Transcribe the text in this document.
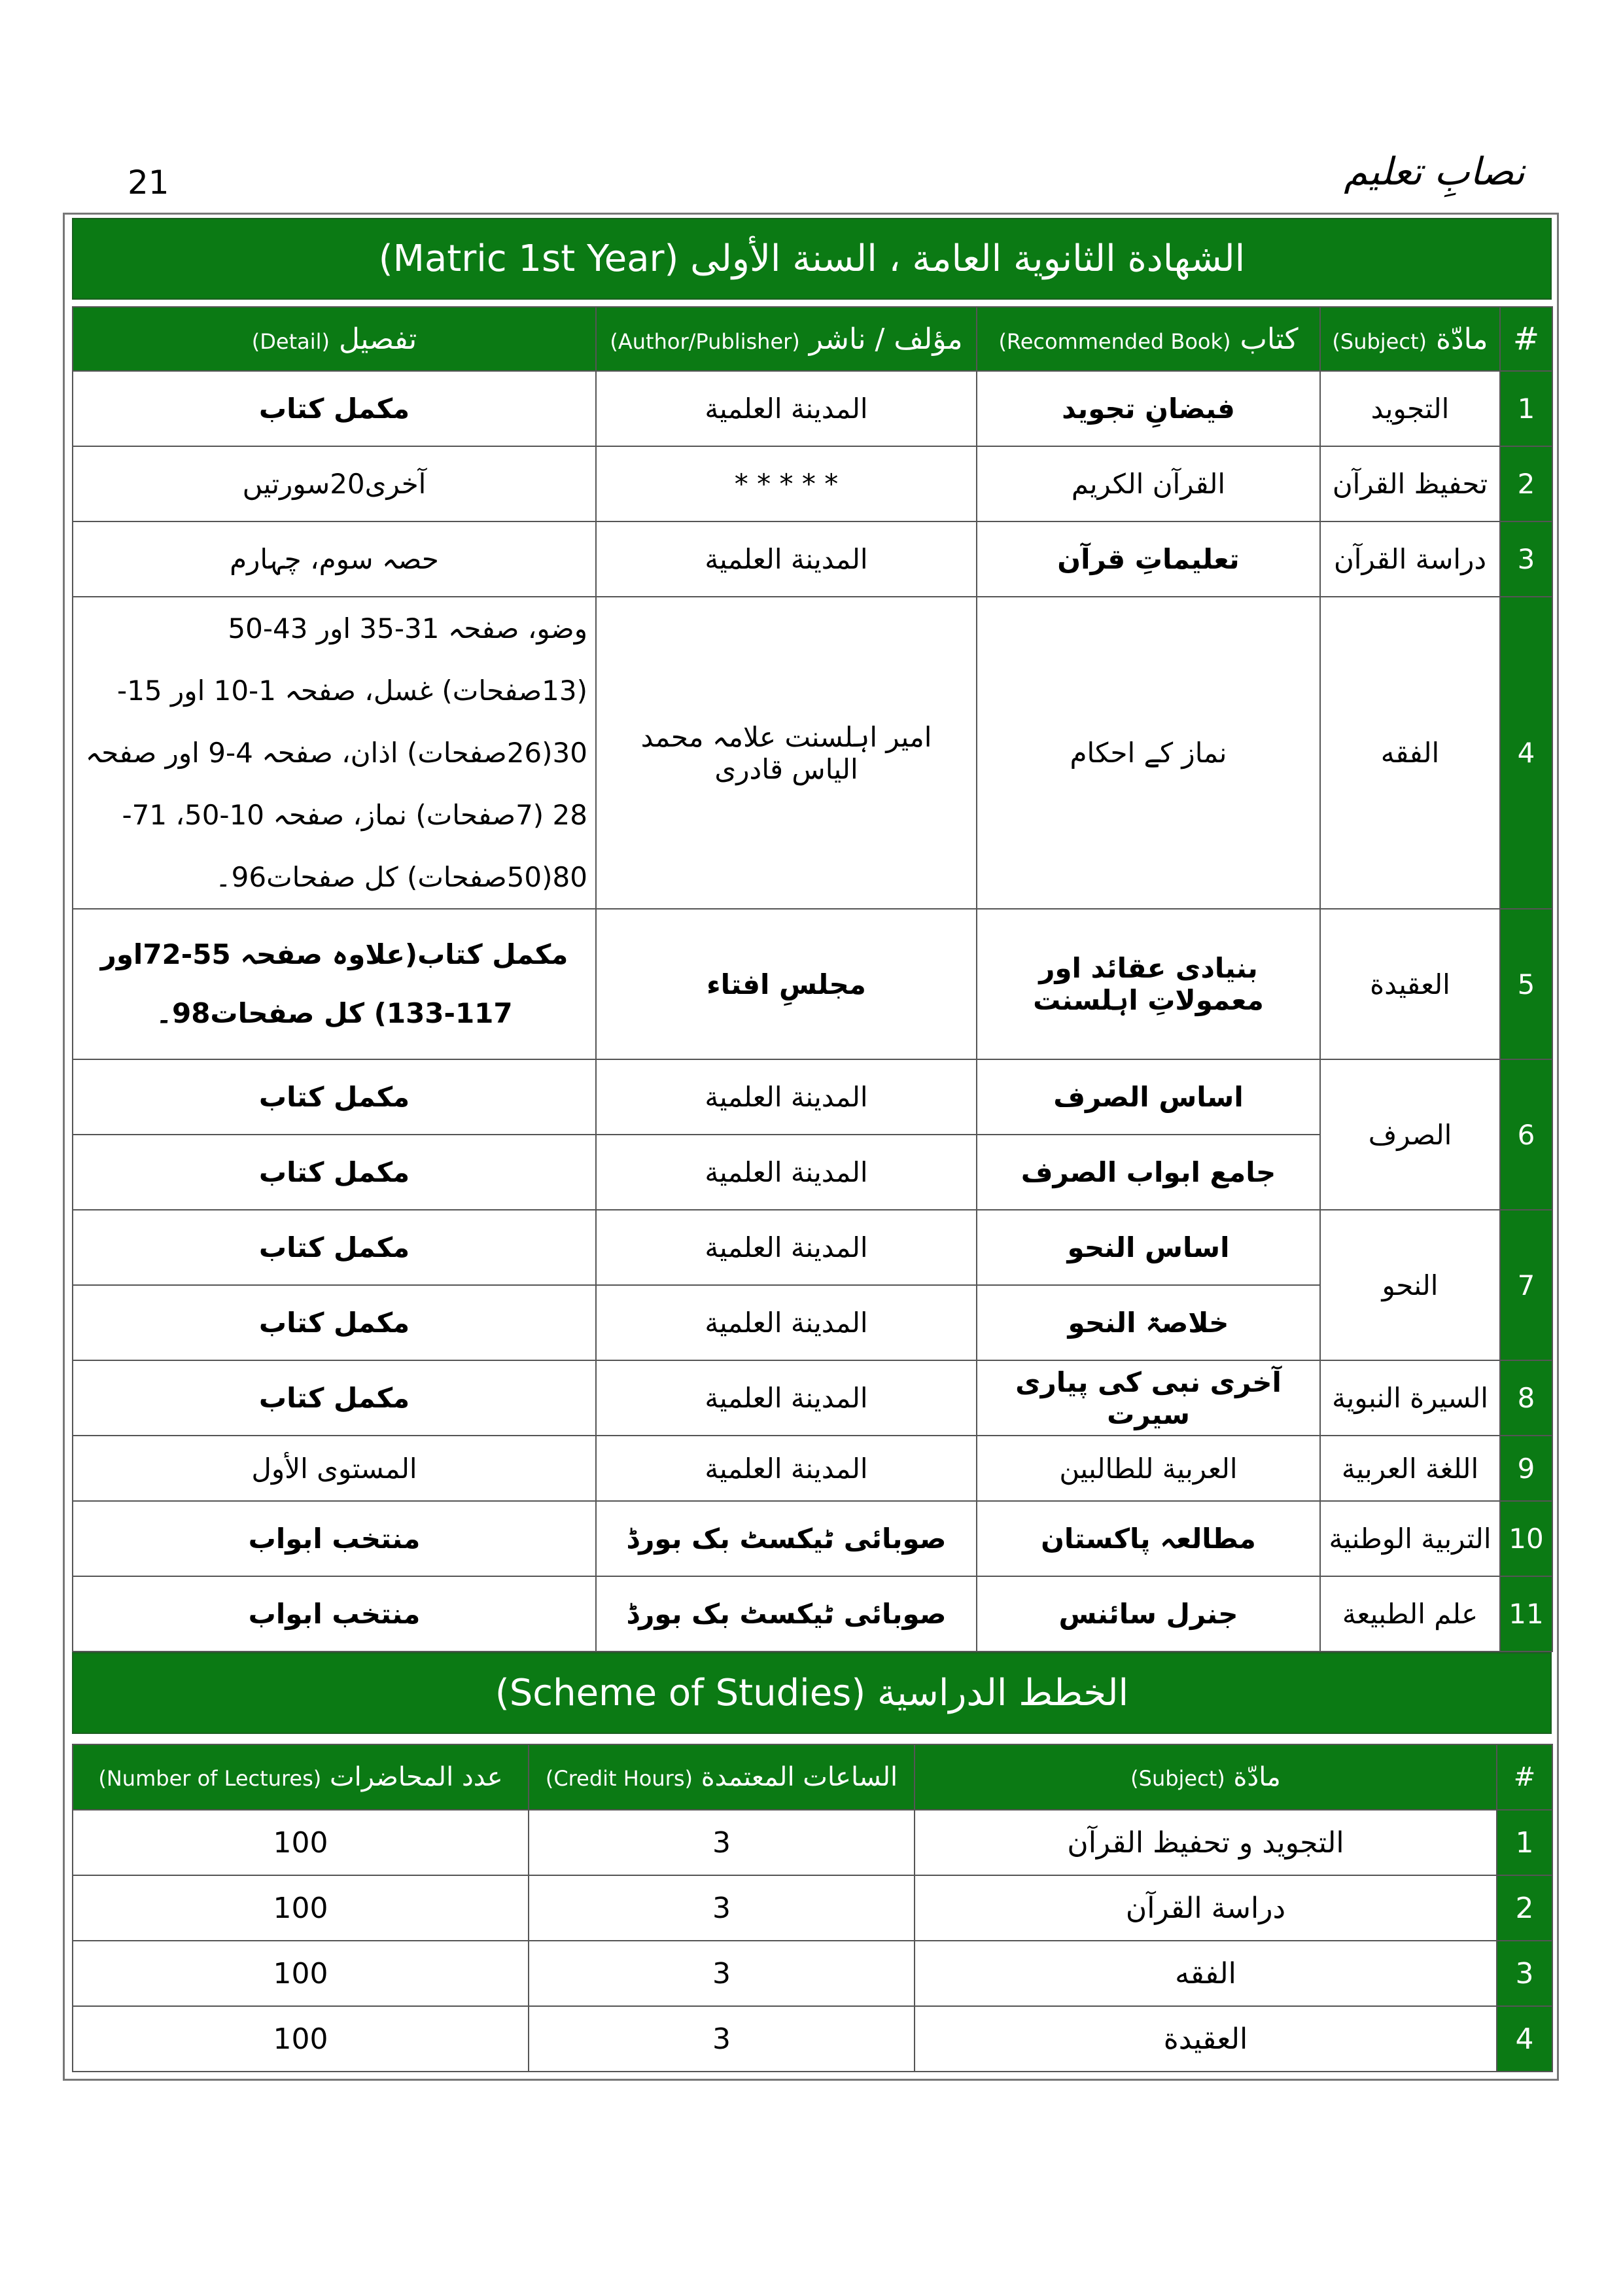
21	نصابِ تعلیم
الشهادة الثانوية العامة ، السنة الأولى (Matric 1st Year)
#	مادّة (Subject)	كتاب (Recommended Book)	مؤلف / ناشر (Author/Publisher)	تفصيل (Detail)
1	التجويد	فيضانِ تجوید	المدينة العلمية	مکمل کتاب
2	تحفيظ القرآن	القرآن الكريم	* * * * *	آخری20سورتیں
3	دراسة القرآن	تعلیماتِ قرآن	المدينة العلمية	حصہ سوم، چہارم
4	الفقه	نماز کے احکام	امیر اہلسنت علامہ محمد الیاس قادری	وضو، صفحہ 31-35 اور 43-50 (13صفحات) غسل، صفحہ 1-10 اور 15-30(26صفحات) اذان، صفحہ 4-9 اور صفحہ 28 (7صفحات) نماز، صفحہ 10-50، 71-80(50صفحات) کل صفحات96۔
5	العقيدة	بنیادی عقائد اور معمولاتِ اہلسنت	مجلسِ افتاء	مکمل کتاب(علاوہ صفحہ 55-72اور 117-133) کل صفحات98۔
6	الصرف	اساس الصرف	المدينة العلمية	مکمل کتاب
		جامع ابواب الصرف	المدينة العلمية	مکمل کتاب
7	النحو	اساس النحو	المدينة العلمية	مکمل کتاب
		خلاصۃ النحو	المدينة العلمية	مکمل کتاب
8	السيرة النبوية	آخری نبی کی پیاری سیرت	المدينة العلمية	مکمل کتاب
9	اللغة العربية	العربية للطالبين	المدينة العلمية	المستوى الأول
10	التربية الوطنية	مطالعہ پاکستان	صوبائی ٹیکسٹ بک بورڈ	منتخب ابواب
11	علم الطبيعة	جنرل سائنس	صوبائی ٹیکسٹ بک بورڈ	منتخب ابواب
الخطط الدراسية (Scheme of Studies)
#	مادّة (Subject)	الساعات المعتمدة (Credit Hours)	عدد المحاضرات (Number of Lectures)
1	التجويد و تحفيظ القرآن	3	100
2	دراسة القرآن	3	100
3	الفقه	3	100
4	العقيدة	3	100
